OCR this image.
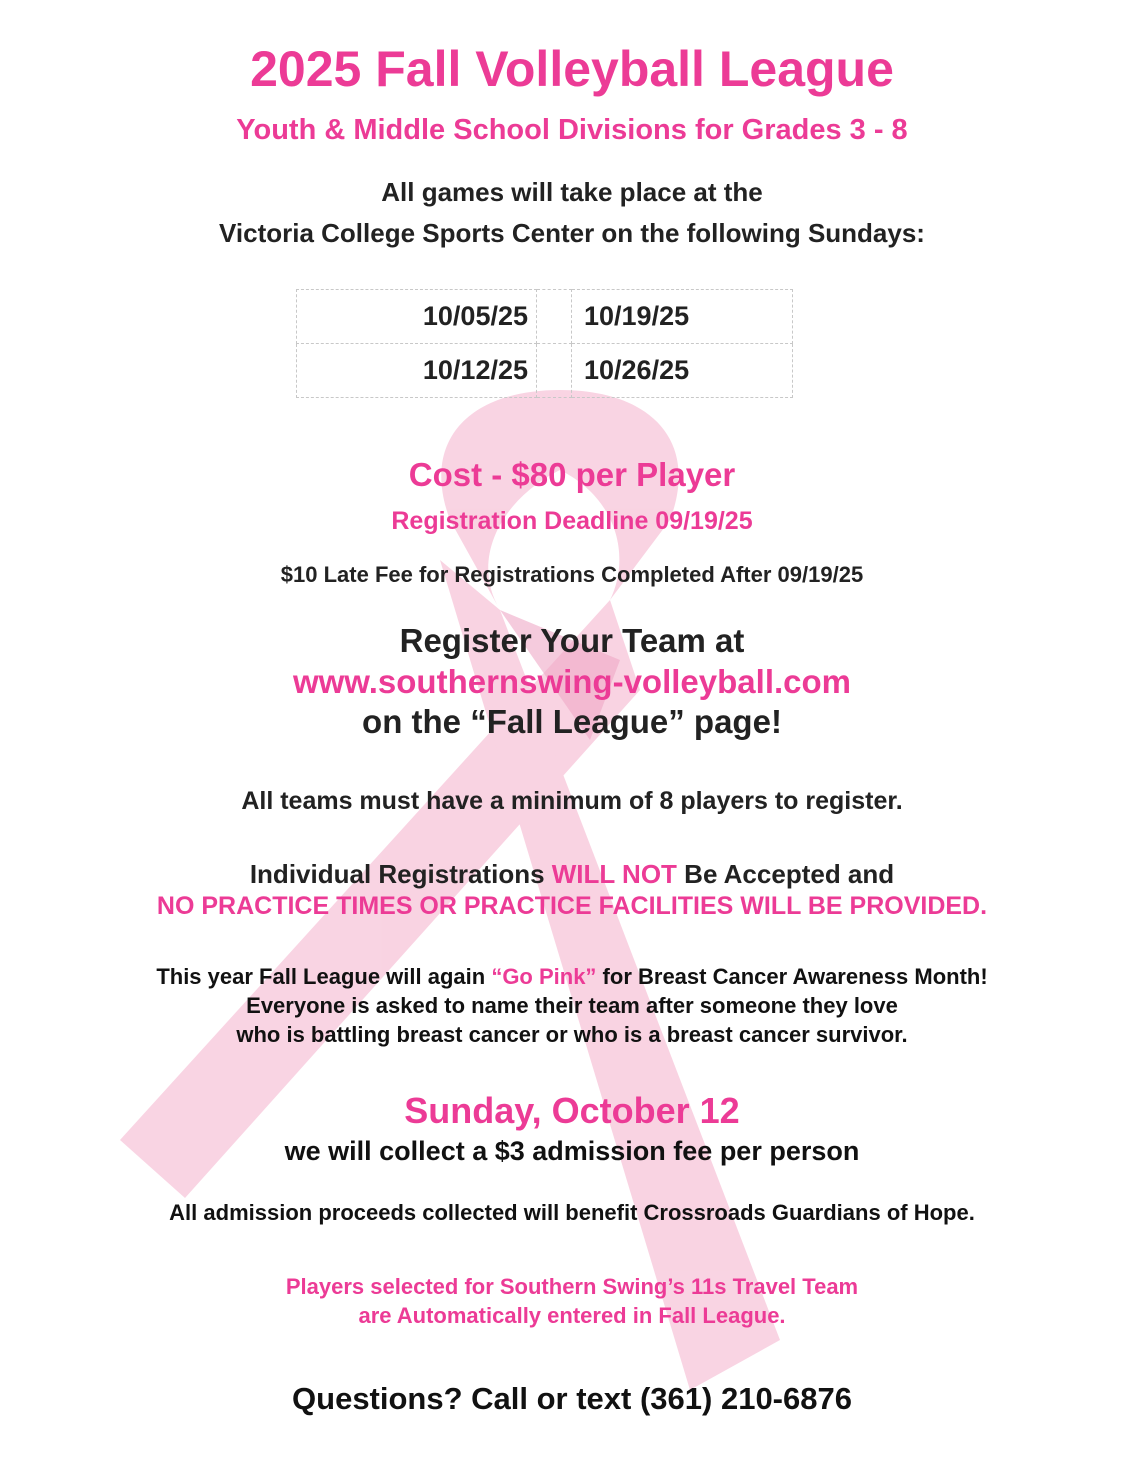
2025 Fall Volleyball League
Youth & Middle School Divisions for Grades 3 - 8
All games will take place at the
Victoria College Sports Center on the following Sundays:
10/05/25		10/19/25
10/12/25		10/26/25
Cost - $80 per Player
Registration Deadline 09/19/25
$10 Late Fee for Registrations Completed After 09/19/25
Register Your Team at
www.southernswing-volleyball.com
on the “Fall League” page!
All teams must have a minimum of 8 players to register.
Individual Registrations WILL NOT Be Accepted and
NO PRACTICE TIMES OR PRACTICE FACILITIES WILL BE PROVIDED.
This year Fall League will again “Go Pink” for Breast Cancer Awareness Month!
Everyone is asked to name their team after someone they love
who is battling breast cancer or who is a breast cancer survivor.
Sunday, October 12
we will collect a $3 admission fee per person
All admission proceeds collected will benefit Crossroads Guardians of Hope.
Players selected for Southern Swing’s 11s Travel Team
are Automatically entered in Fall League.
Questions? Call or text (361) 210-6876
